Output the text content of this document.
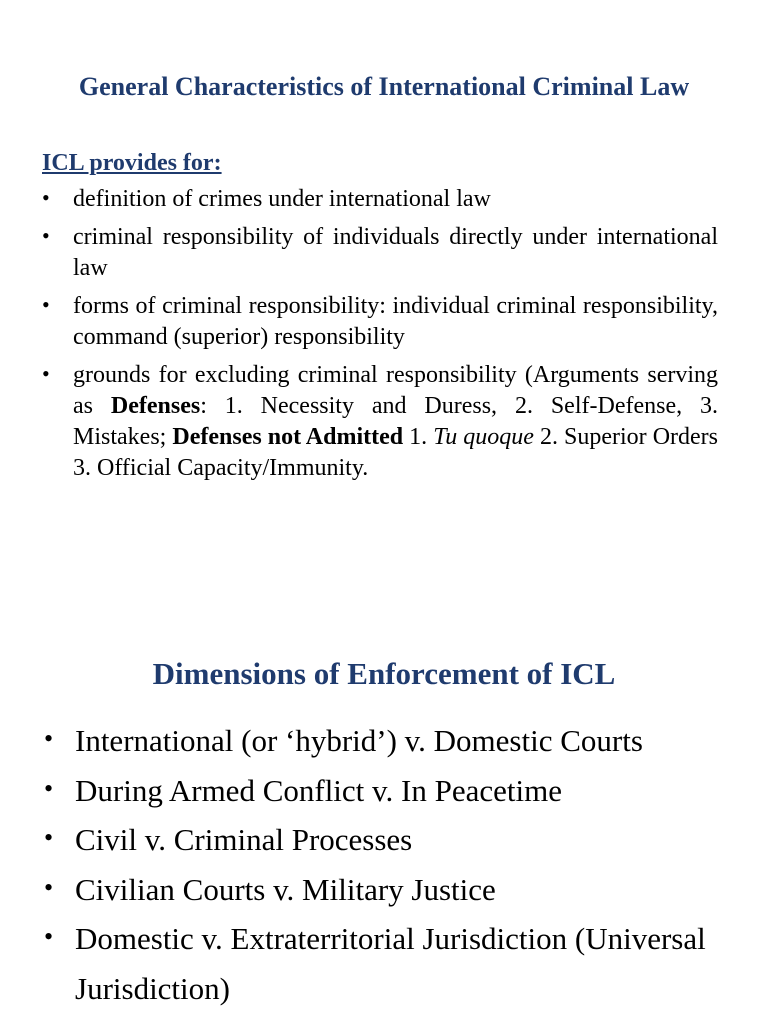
General Characteristics of International Criminal Law
ICL provides for:
• definition of crimes under international law
• criminal responsibility of individuals directly under international law
• forms of criminal responsibility: individual criminal responsibility, command (superior) responsibility
• grounds for excluding criminal responsibility (Arguments serving as Defenses: 1. Necessity and Duress, 2. Self-Defense, 3. Mistakes; Defenses not Admitted 1. Tu quoque 2. Superior Orders 3. Official Capacity/Immunity.
Dimensions of Enforcement of ICL
• International (or ‘hybrid’) v. Domestic Courts
• During Armed Conflict v. In Peacetime
• Civil v. Criminal Processes
• Civilian Courts v. Military Justice
• Domestic v. Extraterritorial Jurisdiction (Universal Jurisdiction)
